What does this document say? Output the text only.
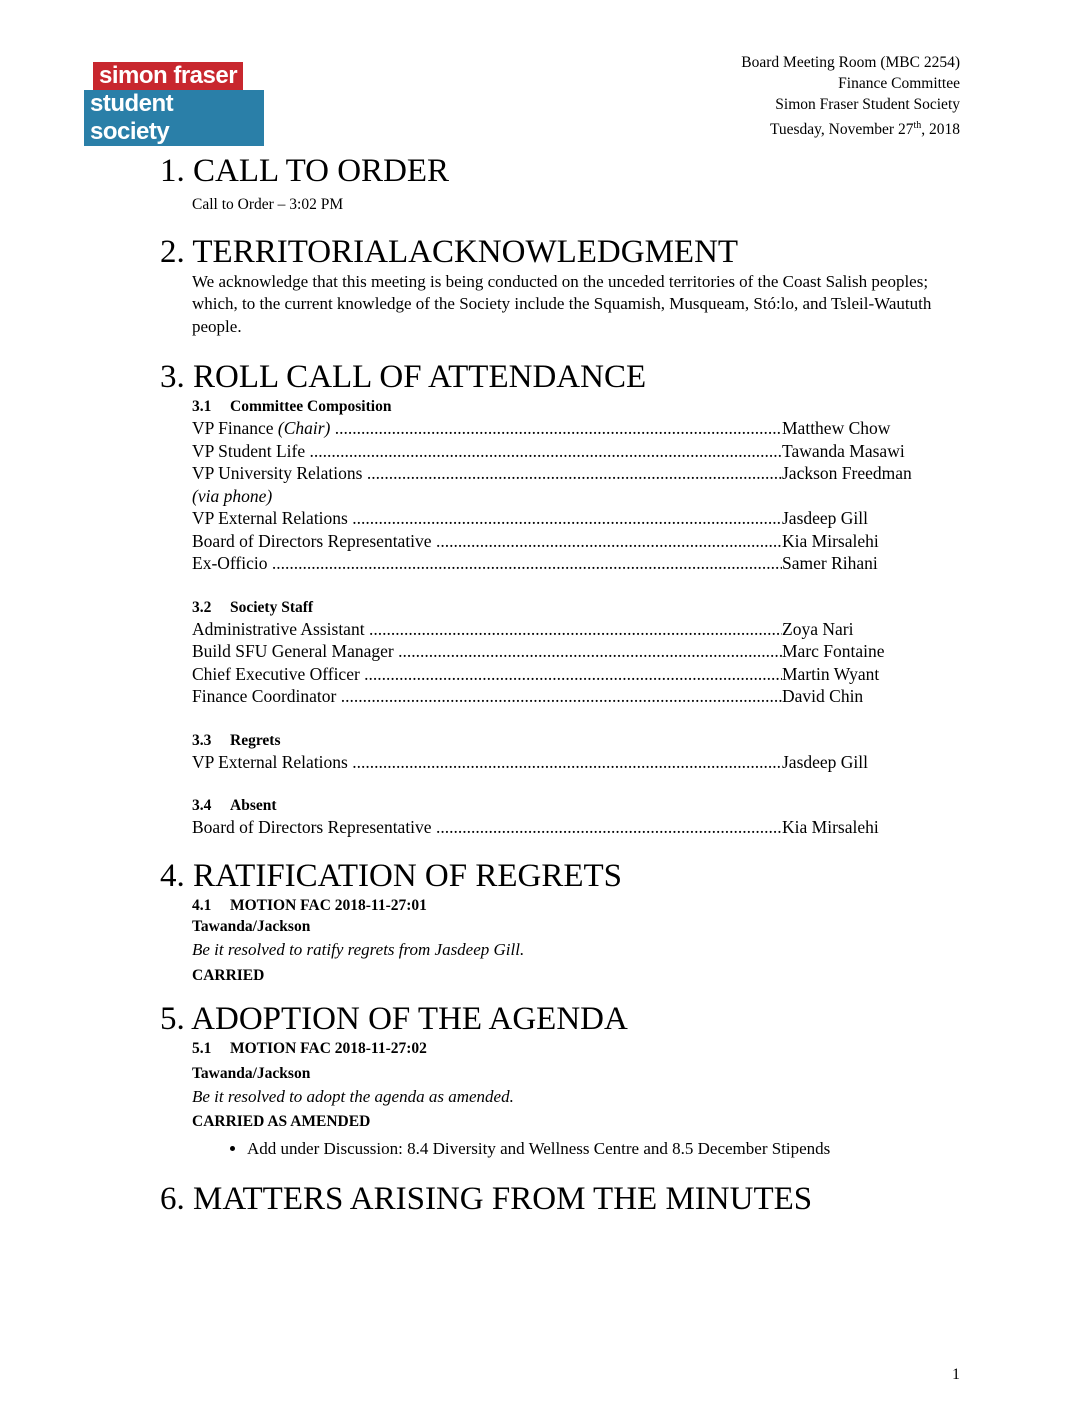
simon fraser
student society
Board Meeting Room (MBC 2254)
Finance Committee
Simon Fraser Student Society
Tuesday, November 27th, 2018
1. CALL TO ORDER
Call to Order – 3:02 PM
2. TERRITORIALACKNOWLEDGMENT
We acknowledge that this meeting is being conducted on the unceded territories of the Coast Salish peoples; which, to the current knowledge of the Society include the Squamish, Musqueam, Stó:lo, and Tsleil-Waututh people.
3. ROLL CALL OF ATTENDANCE
3.1 Committee Composition
VP Finance (Chair) .....	Matthew Chow
VP Student Life .....	Tawanda Masawi
VP University Relations .....	Jackson Freedman
(via phone)
VP External Relations .....	Jasdeep Gill
Board of Directors Representative .....	Kia Mirsalehi
Ex-Officio .....	Samer Rihani
3.2 Society Staff
Administrative Assistant .....	Zoya Nari
Build SFU General Manager .....	Marc Fontaine
Chief Executive Officer .....	Martin Wyant
Finance Coordinator .....	David Chin
3.3 Regrets
VP External Relations .....	Jasdeep Gill
3.4 Absent
Board of Directors Representative .....	Kia Mirsalehi
4. RATIFICATION OF REGRETS
4.1 MOTION FAC 2018-11-27:01
Tawanda/Jackson
Be it resolved to ratify regrets from Jasdeep Gill.
CARRIED
5. ADOPTION OF THE AGENDA
5.1 MOTION FAC 2018-11-27:02
Tawanda/Jackson
Be it resolved to adopt the agenda as amended.
CARRIED AS AMENDED
• Add under Discussion: 8.4 Diversity and Wellness Centre and 8.5 December Stipends
6. MATTERS ARISING FROM THE MINUTES
1
